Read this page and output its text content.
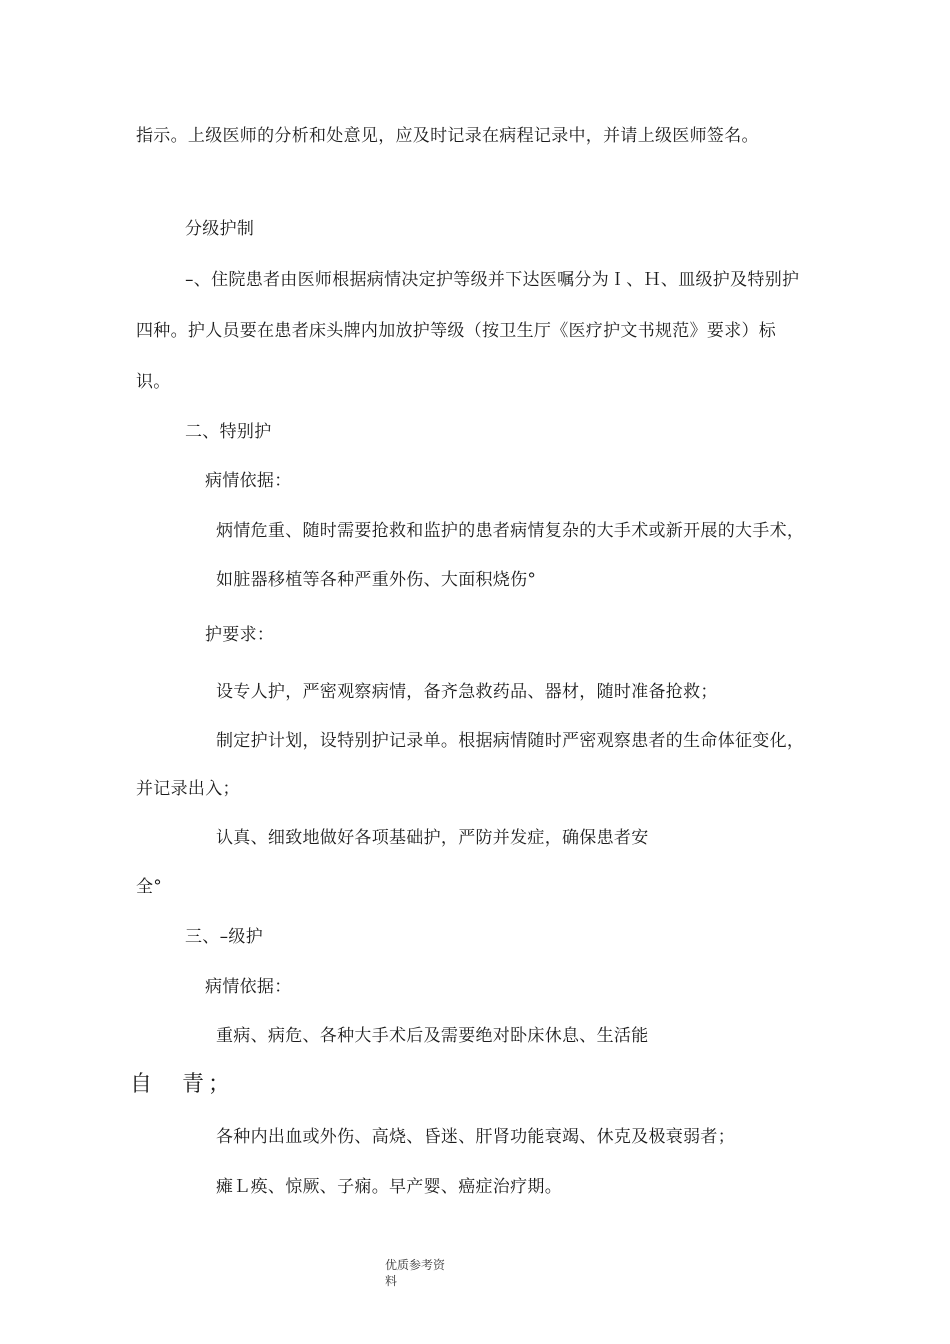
指示。上级医师的分析和处意见，应及时记录在病程记录中，并请上级医师签名。
分级护制
–、住院患者由医师根据病情决定护等级并下达医嘱分为Ｉ、Ｈ、皿级护及特别护
四种。护人员要在患者床头牌内加放护等级（按卫生厅《医疗护文书规范》要求）标
识。
二、特别护
病情依据：
炳情危重、随时需要抢救和监护的患者病情复杂的大手术或新开展的大手术，
如脏器移植等各种严重外伤、大面积烧伤°
护要求：
设专人护，严密观察病情，备齐急救药品、器材，随时准备抢救；
制定护计划，设特别护记录单。根据病情随时严密观察患者的生命体征变化，
并记录出入；
认真、细致地做好各项基础护，严防并发症，确保患者安
全°
三、–级护
病情依据：
重病、病危、各种大手术后及需要绝对卧床休息、生活能
自 青；
各种内出血或外伤、高烧、昏迷、肝肾功能衰竭、休克及极衰弱者；
瘫Ｌ痪、惊厥、子痫。早产婴、癌症治疗期。
优质参考资
料
